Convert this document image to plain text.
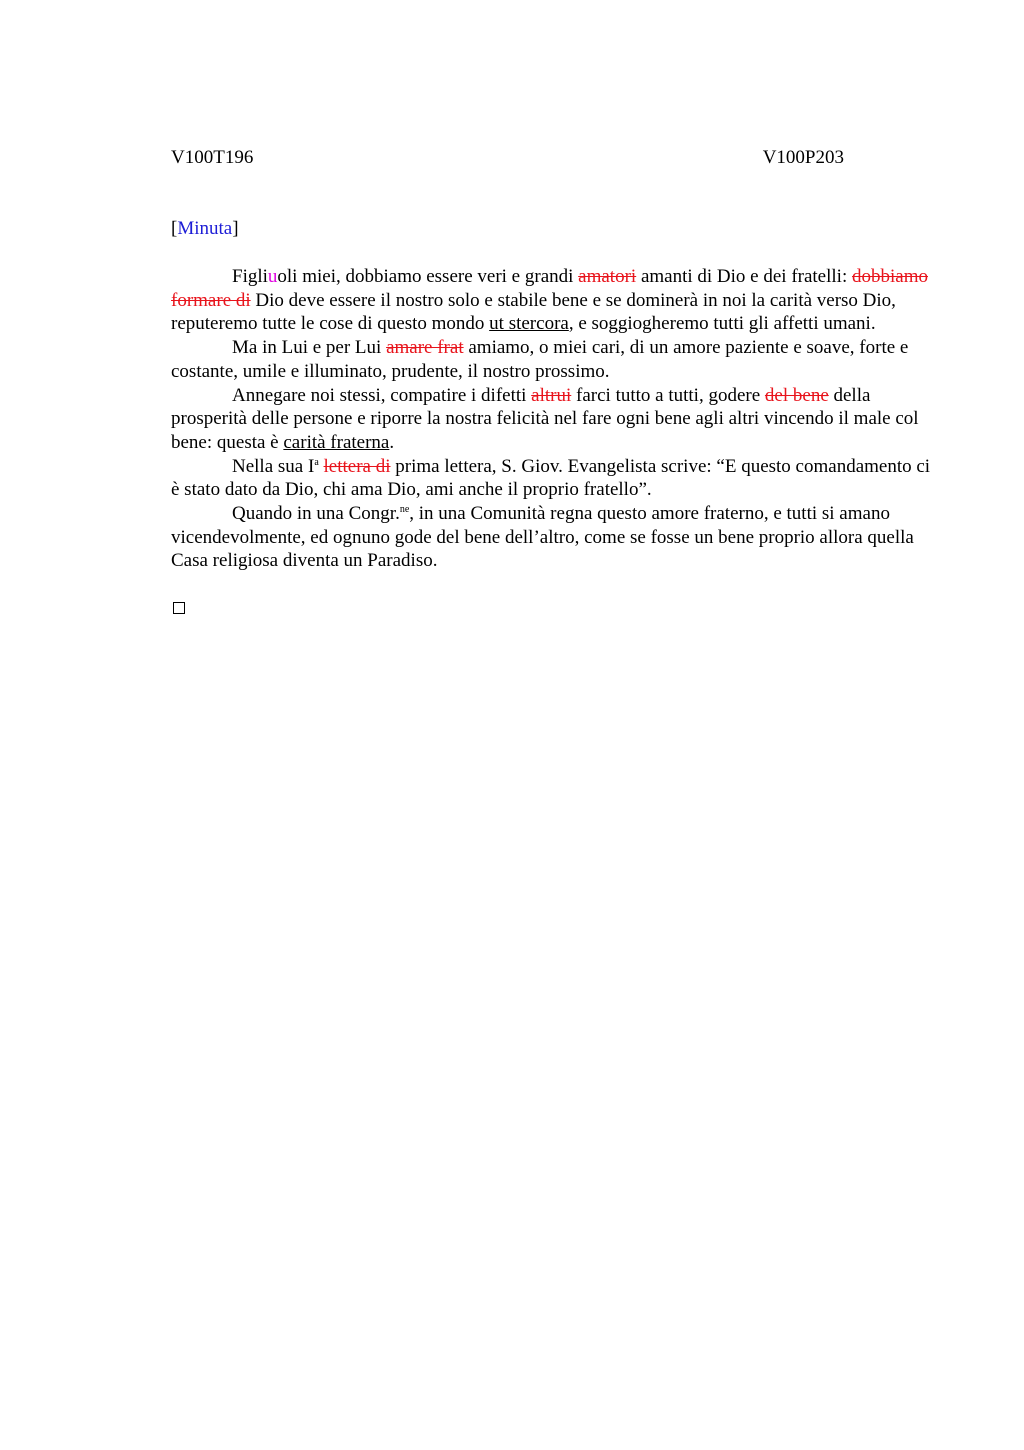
V100T196	V100P203
[Minuta]

Figliuoli miei, dobbiamo essere veri e grandi amatori amanti di Dio e dei fratelli: dobbiamo formare di Dio deve essere il nostro solo e stabile bene e se dominerà in noi la carità verso Dio, reputeremo tutte le cose di questo mondo ut stercora, e soggiogheremo tutti gli affetti umani.

Ma in Lui e per Lui amare frat amiamo, o miei cari, di un amore paziente e soave, forte e costante, umile e illuminato, prudente, il nostro prossimo.

Annegare noi stessi, compatire i difetti altrui farci tutto a tutti, godere del bene della prosperità delle persone e riporre la nostra felicità nel fare ogni bene agli altri vincendo il male col bene: questa è carità fraterna.

Nella sua $I^a$ lettera di prima lettera, S. Giov. Evangelista scrive: “E questo comandamento ci è stato dato da Dio, chi ama Dio, ami anche il proprio fratello”.

Quando in una Congr.$^{ne}$, in una Comunità regna questo amore fraterno, e tutti si amano vicendevolmente, ed ognuno gode del bene dell’altro, come se fosse un bene proprio allora quella Casa religiosa diventa un Paradiso.
